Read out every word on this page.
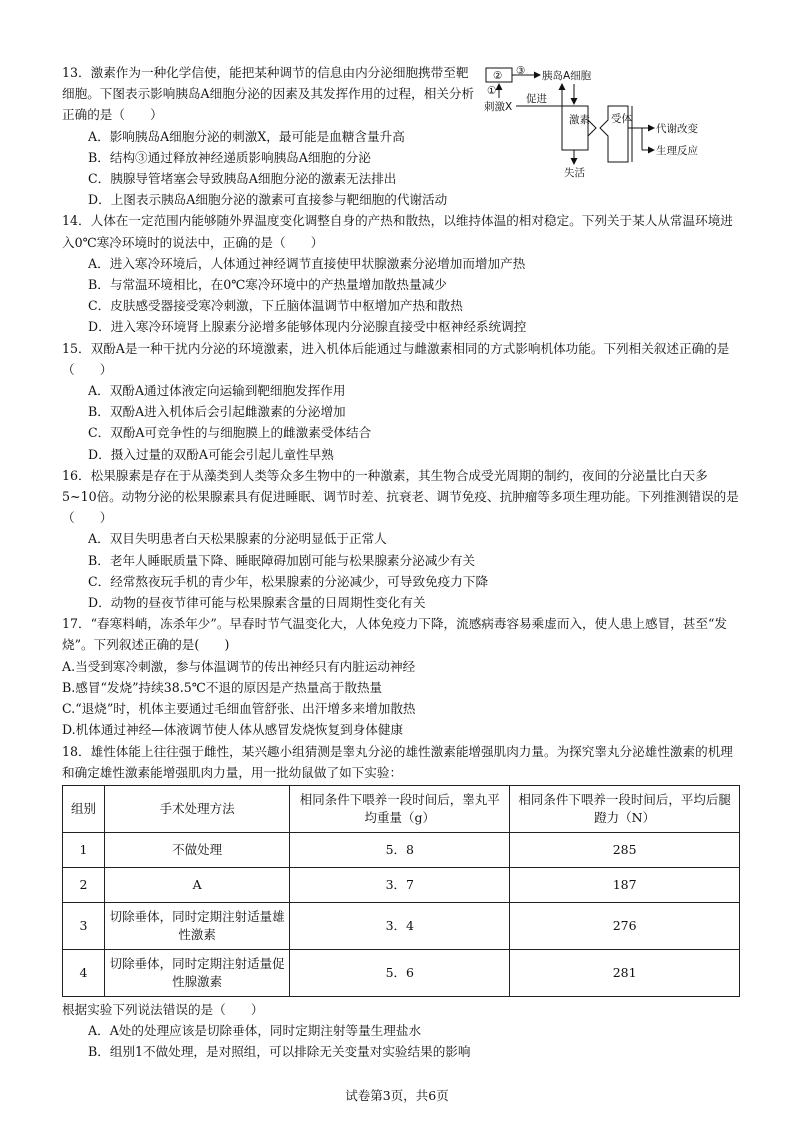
13．激素作为一种化学信使，能把某种调节的信息由内分泌细胞携带至靶细胞。下图表示影响胰岛A细胞分泌的因素及其发挥作用的过程，相关分析正确的是（　　）

A．影响胰岛A细胞分泌的刺激X，最可能是血糖含量升高

B．结构③通过释放神经递质影响胰岛A细胞的分泌

C．胰腺导管堵塞会导致胰岛A细胞分泌的激素无法排出

D．上图表示胰岛A细胞分泌的激素可直接参与靶细胞的代谢活动

② ③ 胰岛A细胞
①
刺激X
促进
激素
失活
受体
代谢改变
生理反应

14．人体在一定范围内能够随外界温度变化调整自身的产热和散热，以维持体温的相对稳定。下列关于某人从常温环境进入0℃寒冷环境时的说法中，正确的是（　　）

A．进入寒冷环境后，人体通过神经调节直接使甲状腺激素分泌增加而增加产热

B．与常温环境相比，在0℃寒冷环境中的产热量增加散热量减少

C．皮肤感受器接受寒冷刺激，下丘脑体温调节中枢增加产热和散热

D．进入寒冷环境肾上腺素分泌增多能够体现内分泌腺直接受中枢神经系统调控

15．双酚A是一种干扰内分泌的环境激素，进入机体后能通过与雌激素相同的方式影响机体功能。下列相关叙述正确的是（　　）

A．双酚A通过体液定向运输到靶细胞发挥作用

B．双酚A进入机体后会引起雌激素的分泌增加

C．双酚A可竞争性的与细胞膜上的雌激素受体结合

D．摄入过量的双酚A可能会引起儿童性早熟

16．松果腺素是存在于从藻类到人类等众多生物中的一种激素，其生物合成受光周期的制约，夜间的分泌量比白天多5~10倍。动物分泌的松果腺素具有促进睡眠、调节时差、抗衰老、调节免疫、抗肿瘤等多项生理功能。下列推测错误的是（　　）

A．双目失明患者白天松果腺素的分泌明显低于正常人

B．老年人睡眠质量下降、睡眠障碍加剧可能与松果腺素分泌减少有关

C．经常熬夜玩手机的青少年，松果腺素的分泌减少，可导致免疫力下降

D．动物的昼夜节律可能与松果腺素含量的日周期性变化有关

17．“春寒料峭，冻杀年少”。早春时节气温变化大，人体免疫力下降，流感病毒容易乘虚而入，使人患上感冒，甚至“发烧”。下列叙述正确的是(　　)

A.当受到寒冷刺激，参与体温调节的传出神经只有内脏运动神经

B.感冒“发烧”持续38.5℃不退的原因是产热量高于散热量

C.“退烧”时，机体主要通过毛细血管舒张、出汗增多来增加散热

D.机体通过神经—体液调节使人体从感冒发烧恢复到身体健康

18．雄性体能上往往强于雌性，某兴趣小组猜测是睾丸分泌的雄性激素能增强肌肉力量。为探究睾丸分泌雄性激素的机理和确定雄性激素能增强肌肉力量，用一批幼鼠做了如下实验：

组别	手术处理方法	相同条件下喂养一段时间后，睾丸平均重量（g）	相同条件下喂养一段时间后，平均后腿蹬力（N）
1	不做处理	5．8	285
2	A	3．7	187
3	切除垂体，同时定期注射适量雄性激素	3．4	276
4	切除垂体，同时定期注射适量促性腺激素	5．6	281

根据实验下列说法错误的是（　　）

A．A处的处理应该是切除垂体，同时定期注射等量生理盐水

B．组别1不做处理，是对照组，可以排除无关变量对实验结果的影响

试卷第3页，共6页
